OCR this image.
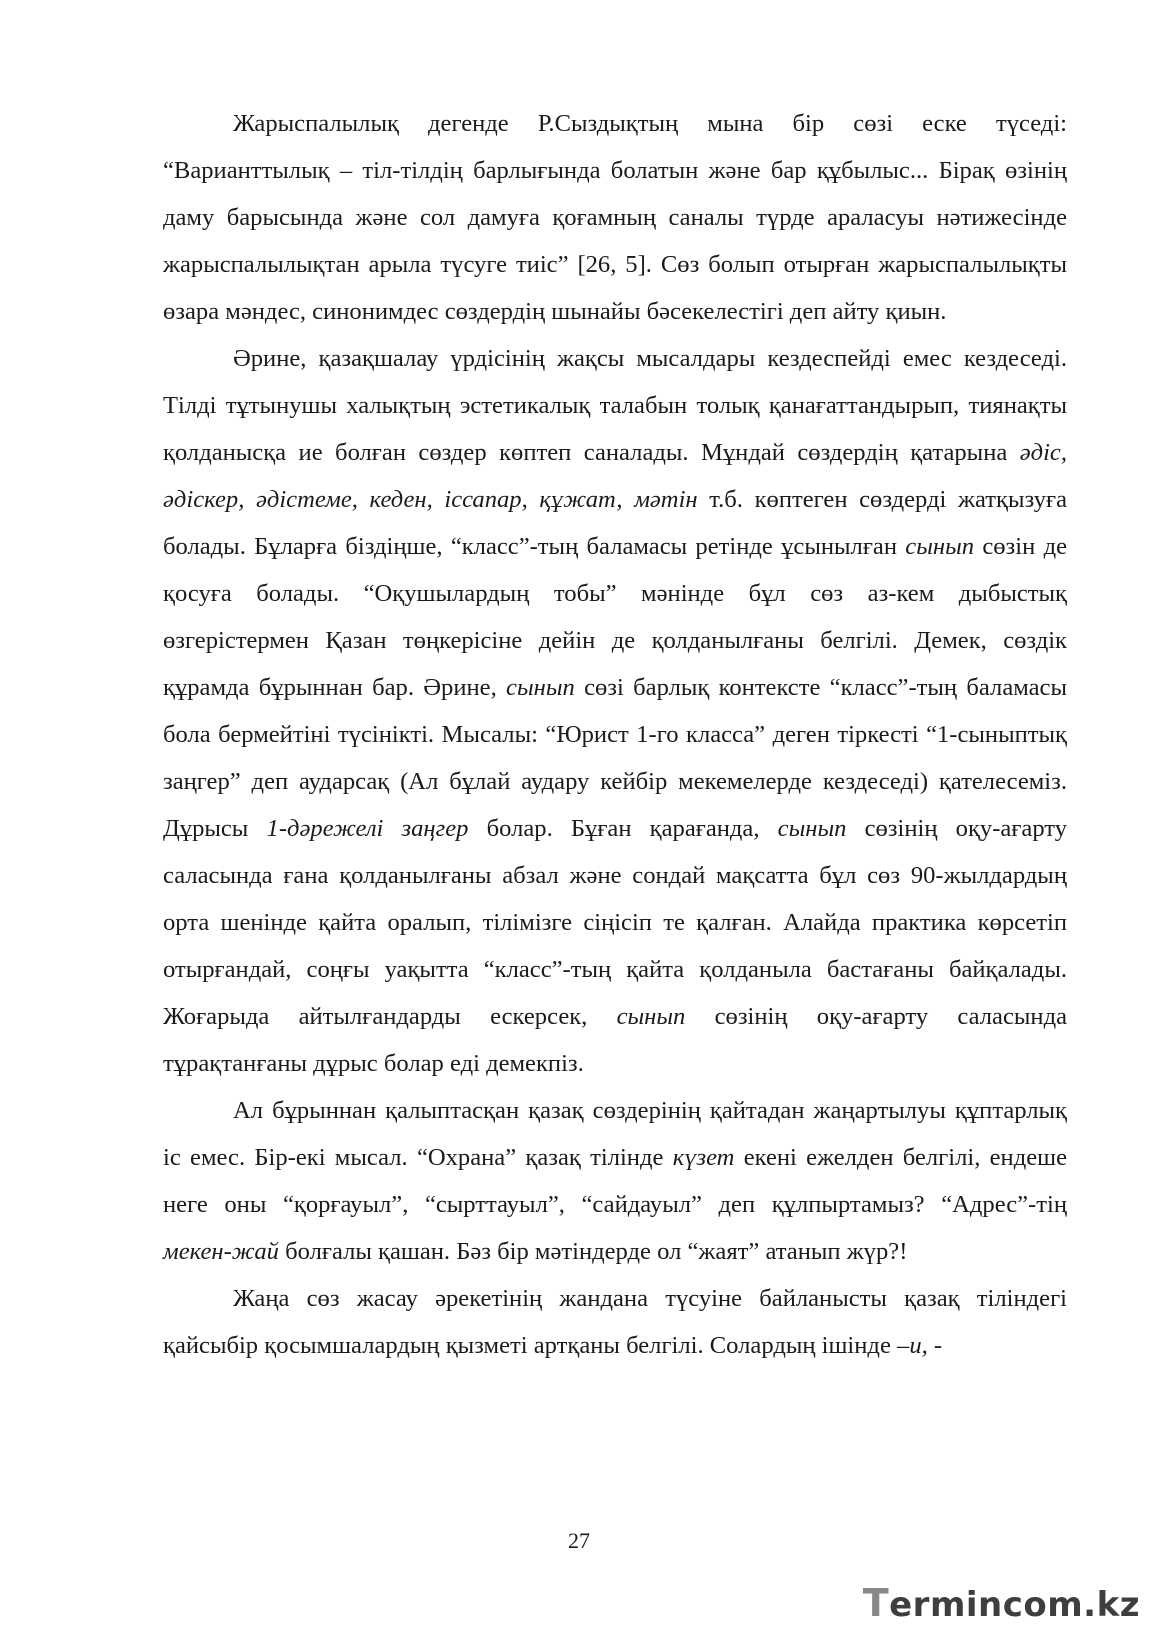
Жарыспалылық дегенде Р.Сыздықтың мына бір сөзі еске түседі: “Варианттылық – тіл-тілдің барлығында болатын және бар құбылыс... Бірақ өзінің даму барысында және сол дамуға қоғамның саналы түрде араласуы нәтижесінде жарыспалылықтан арыла түсуге тиіс” [26, 5]. Сөз болып отырған жарыспалылықты өзара мәндес, синонимдес сөздердің шынайы бәсекелестігі деп айту қиын.

Әрине, қазақшалау үрдісінің жақсы мысалдары кездеспейді емес кездеседі. Тілді тұтынушы халықтың эстетикалық талабын толық қанағаттандырып, тиянақты қолданысқа ие болған сөздер көптеп саналады. Мұндай сөздердің қатарына әдіс, әдіскер, әдістеме, кеден, іссапар, құжат, мәтін т.б. көптеген сөздерді жатқызуға болады. Бұларға біздіңше, “класс”-тың баламасы ретінде ұсынылған сынып сөзін де қосуға болады. “Оқушылардың тобы” мәнінде бұл сөз аз-кем дыбыстық өзгерістермен Қазан төңкерісіне дейін де қолданылғаны белгілі. Демек, сөздік құрамда бұрыннан бар. Әрине, сынып сөзі барлық контексте “класс”-тың баламасы бола бермейтіні түсінікті. Мысалы: “Юрист 1-го класса” деген тіркесті “1-сыныптық заңгер” деп аударсақ (Ал бұлай аудару кейбір мекемелерде кездеседі) қателесеміз. Дұрысы 1-дәрежелі заңгер болар. Бұған қарағанда, сынып сөзінің оқу-ағарту саласында ғана қолданылғаны абзал және сондай мақсатта бұл сөз 90-жылдардың орта шенінде қайта оралып, тілімізге сіңісіп те қалған. Алайда практика көрсетіп отырғандай, соңғы уақытта “класс”-тың қайта қолданыла бастағаны байқалады. Жоғарыда айтылғандарды ескерсек, сынып сөзінің оқу-ағарту саласында тұрақтанғаны дұрыс болар еді демекпіз.

Ал бұрыннан қалыптасқан қазақ сөздерінің қайтадан жаңартылуы құптарлық іс емес. Бір-екі мысал. “Охрана” қазақ тілінде күзет екені ежелден белгілі, ендеше неге оны “қорғауыл”, “сырттауыл”, “сайдауыл” деп құлпыртамыз? “Адрес”-тің мекен-жай болғалы қашан. Бәз бір мәтіндерде ол “жаят” атанып жүр?!

Жаңа сөз жасау әрекетінің жандана түсуіне байланысты қазақ тіліндегі қайсыбір қосымшалардың қызметі артқаны белгілі. Солардың ішінде –и, -

27
Termincom.kz
